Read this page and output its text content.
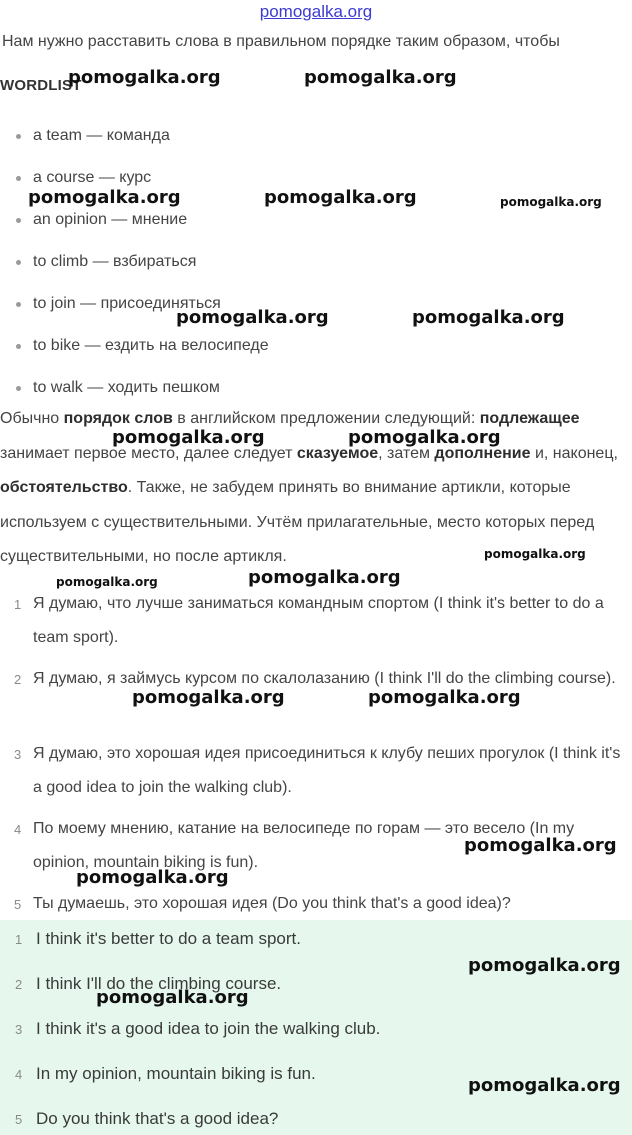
pomogalka.org
Нам нужно расставить слова в правильном порядке таким образом, чтобы
WORDLIST
a team — команда
a course — курс
an opinion — мнение
to climb — взбираться
to join — присоединяться
to bike — ездить на велосипеде
to walk — ходить пешком
Обычно порядок слов в английском предложении следующий: подлежащее занимает первое место, далее следует сказуемое, затем дополнение и, наконец, обстоятельство. Также, не забудем принять во внимание артикли, которые используем с существительными. Учтём прилагательные, место которых перед существительными, но после артикля.
1 Я думаю, что лучше заниматься командным спортом (I think it's better to do a team sport).
2 Я думаю, я займусь курсом по скалолазанию (I think I'll do the climbing course).
3 Я думаю, это хорошая идея присоединиться к клубу пеших прогулок (I think it's a good idea to join the walking club).
4 По моему мнению, катание на велосипеде по горам — это весело (In my opinion, mountain biking is fun).
5 Ты думаешь, это хорошая идея (Do you think that's a good idea)?
1 I think it's better to do a team sport.
2 I think I'll do the climbing course.
3 I think it's a good idea to join the walking club.
4 In my opinion, mountain biking is fun.
5 Do you think that's a good idea?
pomogalka.org	pomogalka.org
pomogalka.org	pomogalka.org	pomogalka.org
pomogalka.org	pomogalka.org
pomogalka.org	pomogalka.org
pomogalka.org
pomogalka.org
pomogalka.org
pomogalka.org	pomogalka.org
pomogalka.org
pomogalka.org
pomogalka.org
pomogalka.org
pomogalka.org
